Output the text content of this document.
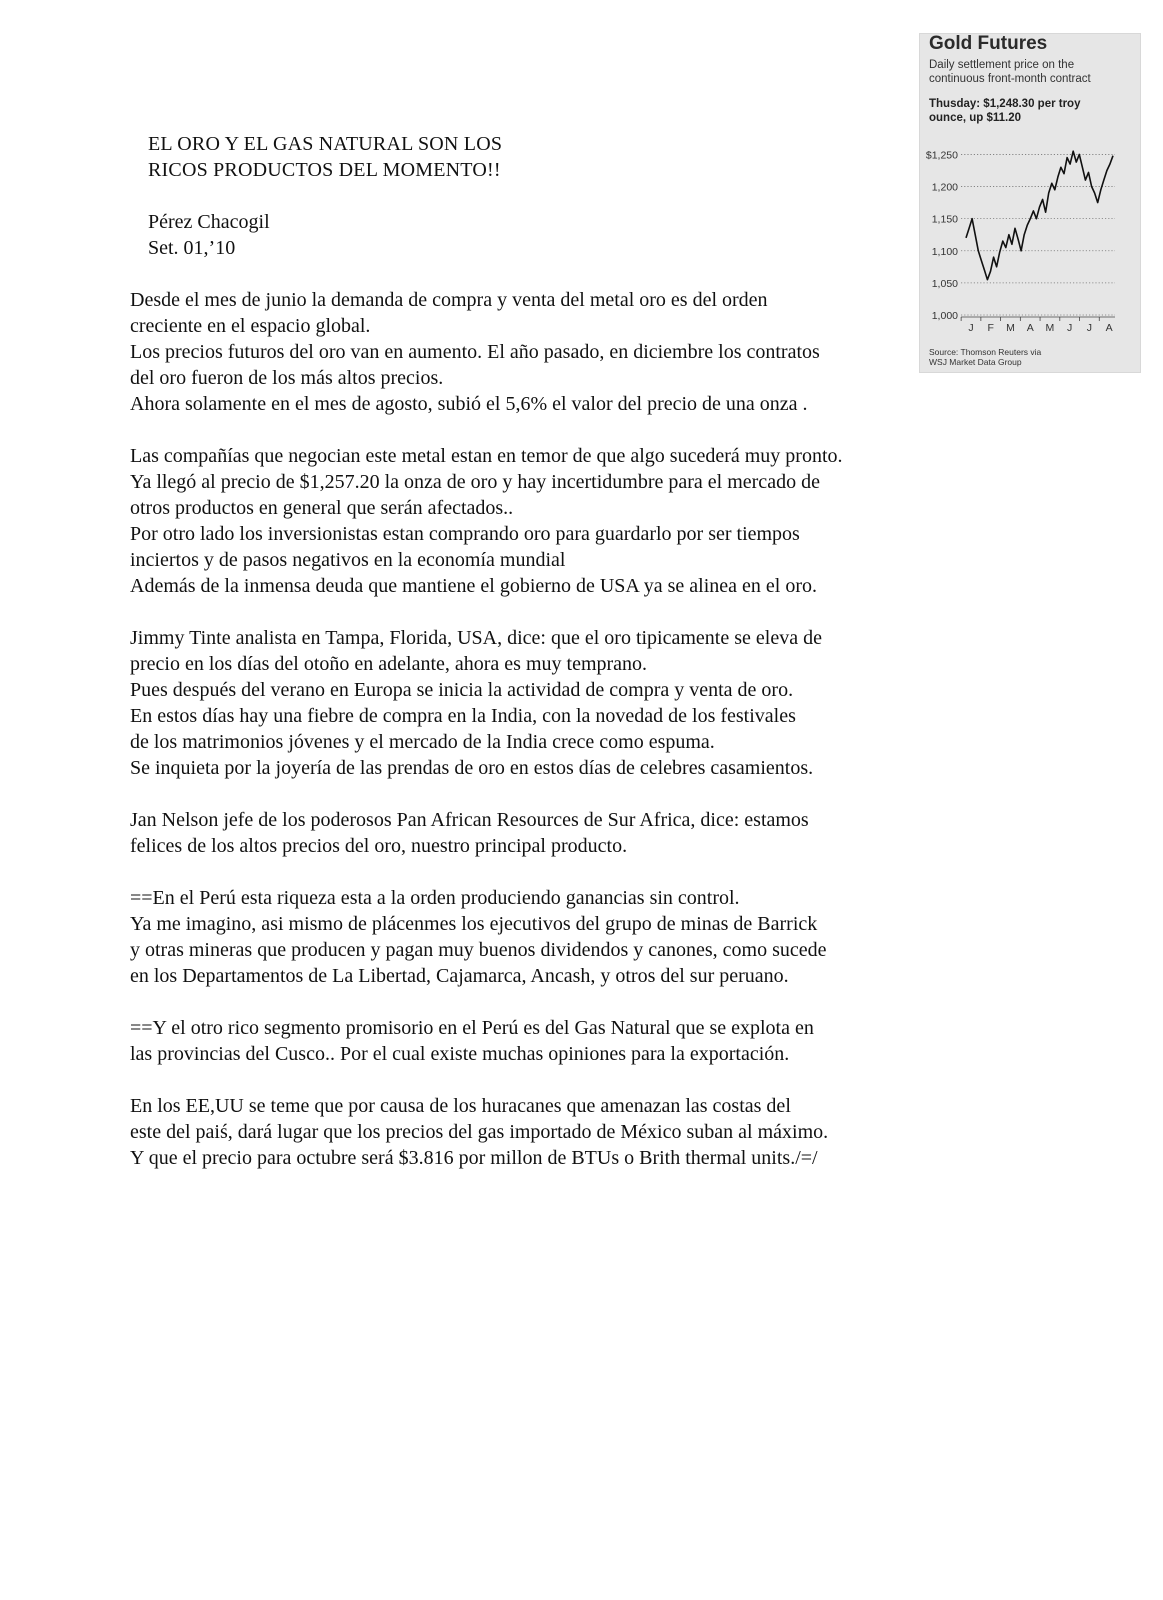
EL ORO Y EL GAS NATURAL SON LOS
RICOS PRODUCTOS DEL MOMENTO!!
Pérez Chacogil
Set. 01,’10
Desde el mes de junio la demanda de compra y venta del metal oro es del orden
creciente en el espacio global.
Los precios futuros del oro van en aumento. El año pasado, en diciembre los contratos
del oro fueron de los más altos precios.
Ahora solamente en el mes de agosto, subió el 5,6% el valor del precio de una onza .
Las compañías que negocian este metal estan en temor de que algo sucederá muy pronto.
Ya llegó al precio de $1,257.20 la onza de oro y hay incertidumbre para el mercado de
otros productos en general que serán afectados..
Por otro lado los inversionistas estan comprando oro para guardarlo por ser tiempos
inciertos y de pasos negativos en la economía mundial
Además de la inmensa deuda que mantiene el gobierno de USA ya se alinea en el oro.
Jimmy Tinte analista en Tampa, Florida, USA, dice: que el oro tipicamente se eleva de
precio en los días del otoño en adelante, ahora es muy temprano.
Pues después del verano en Europa se inicia la actividad de compra y venta de oro.
En estos días hay una fiebre de compra en la India, con la novedad de los festivales
de los matrimonios jóvenes y el mercado de la India crece como espuma.
Se inquieta por la joyería de las prendas de oro en estos días de celebres casamientos.
Jan Nelson jefe de los poderosos Pan African Resources de Sur Africa, dice: estamos
felices de los altos precios del oro, nuestro principal producto.
==En el Perú esta riqueza esta a la orden produciendo ganancias sin control.
Ya me imagino, asi mismo de plácenmes los ejecutivos del grupo de minas de Barrick
y otras mineras que producen y pagan muy buenos dividendos y canones, como sucede
en los Departamentos de La Libertad, Cajamarca, Ancash, y otros del sur peruano.
==Y el otro rico segmento promisorio en el Perú es del Gas Natural que se explota en
las provincias del Cusco.. Por el cual existe muchas opiniones para la exportación.
En los EE,UU se teme que por causa de los huracanes que amenazan las costas del
este del paiś, dará lugar que los precios del gas importado de México suban al máximo.
Y que el precio para octubre será $3.816 por millon de BTUs o Brith thermal units./=/
Gold Futures
Daily settlement price on the
continuous front-month contract
Thusday: $1,248.30 per troy
ounce, up $11.20
$1,250
1,200
1,150
1,100
1,050
1,000
J F M A M J J A
Source: Thomson Reuters via
WSJ Market Data Group
